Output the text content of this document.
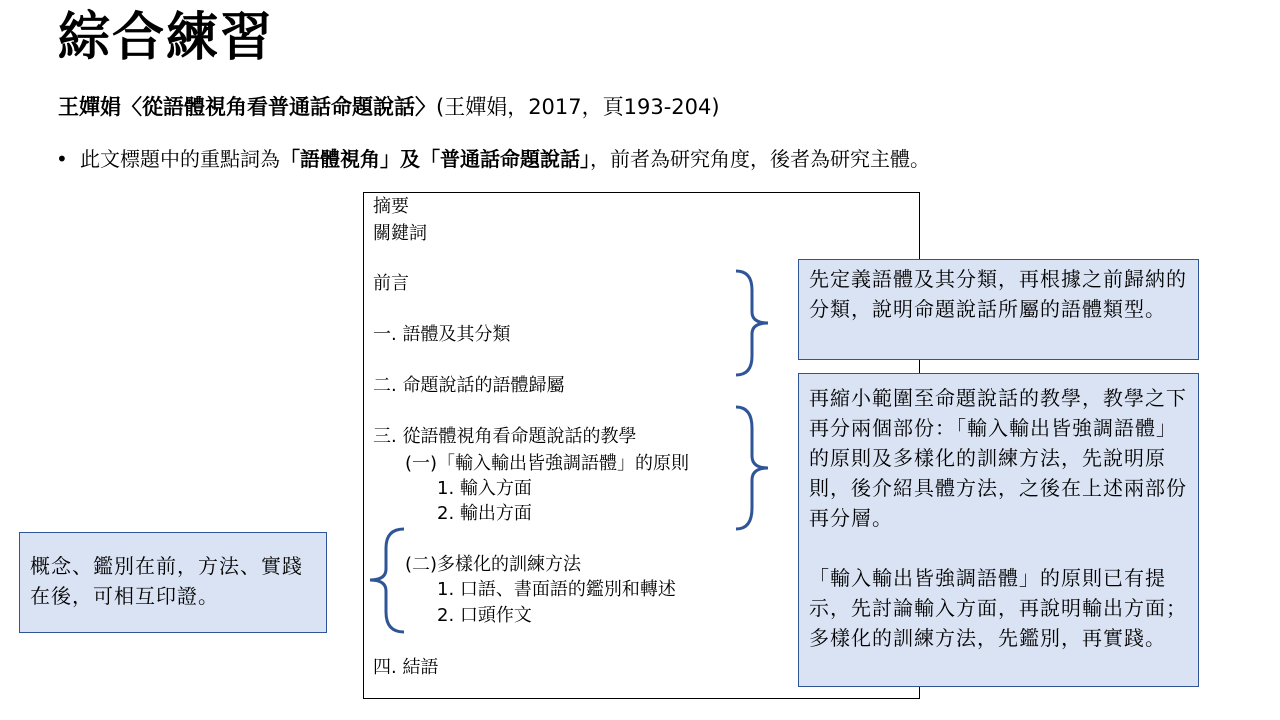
綜合練習
王嬋娟〈從語體視角看普通話命題說話〉(王嬋娟，2017，頁193-204)
• 此文標題中的重點詞為「語體視角」及「普通話命題說話」，前者為研究角度，後者為研究主體。
摘要
關鍵詞
前言
一. 語體及其分類
二. 命題說話的語體歸屬
三. 從語體視角看命題說話的教學
(一)「輸入輸出皆強調語體」的原則
1. 輸入方面
2. 輸出方面
(二)多樣化的訓練方法
1. 口語、書面語的鑑別和轉述
2. 口頭作文
四. 結語

先定義語體及其分類，再根據之前歸納的分類，說明命題說話所屬的語體類型。

再縮小範圍至命題說話的教學，教學之下再分兩個部份：「輸入輸出皆強調語體」的原則及多樣化的訓練方法，先說明原則，後介紹具體方法，之後在上述兩部份再分層。

「輸入輸出皆強調語體」的原則已有提示，先討論輸入方面，再說明輸出方面；多樣化的訓練方法，先鑑別，再實踐。

概念、鑑別在前，方法、實踐在後，可相互印證。
